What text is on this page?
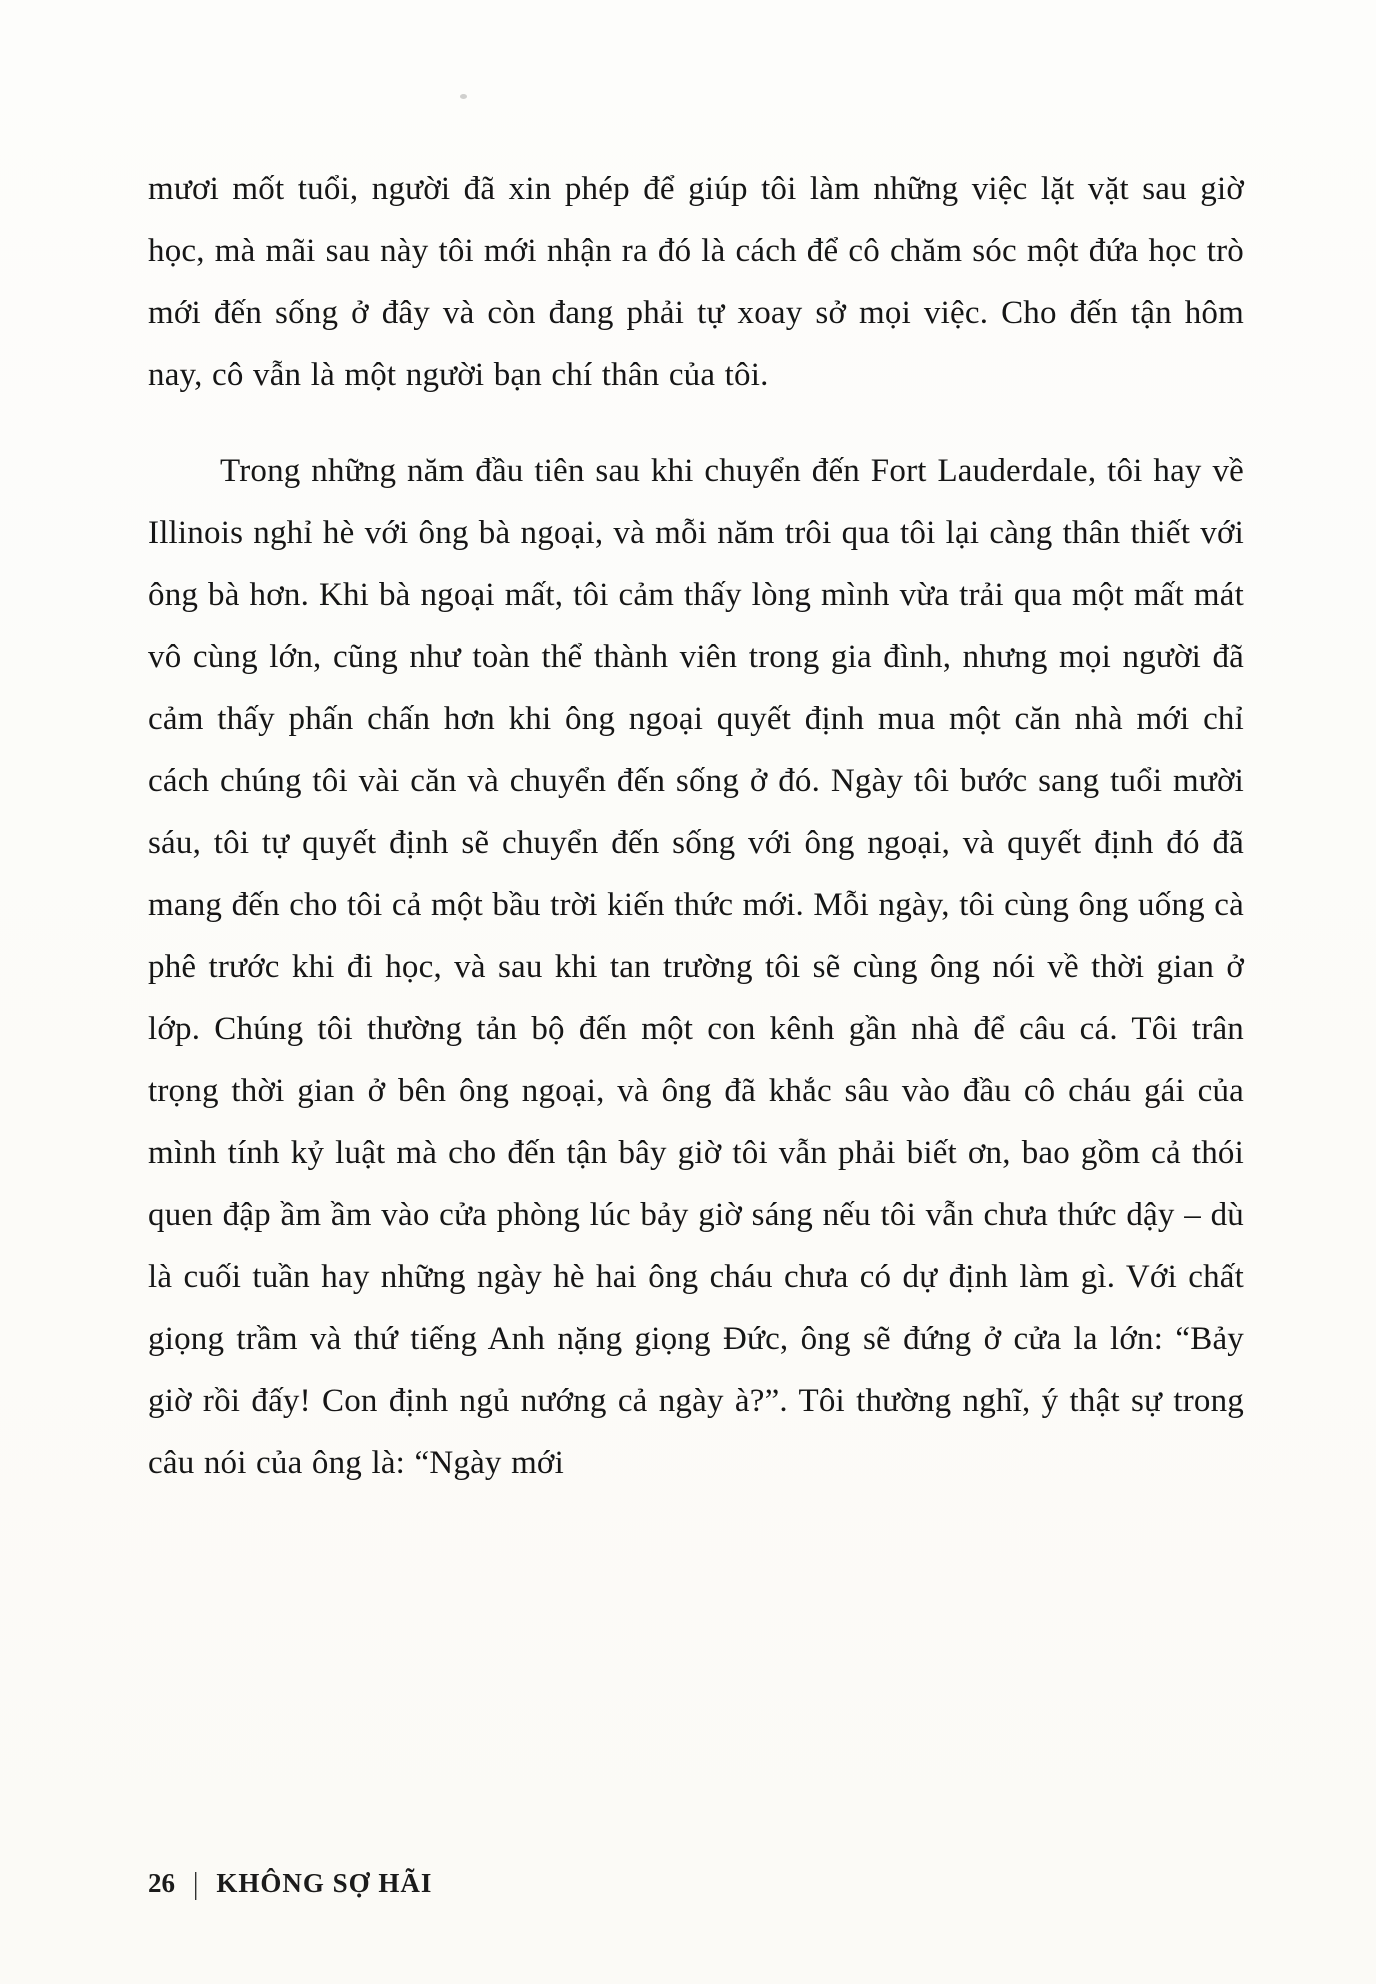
mươi mốt tuổi, người đã xin phép để giúp tôi làm những việc lặt vặt sau giờ học, mà mãi sau này tôi mới nhận ra đó là cách để cô chăm sóc một đứa học trò mới đến sống ở đây và còn đang phải tự xoay sở mọi việc. Cho đến tận hôm nay, cô vẫn là một người bạn chí thân của tôi.

Trong những năm đầu tiên sau khi chuyển đến Fort Lauderdale, tôi hay về Illinois nghỉ hè với ông bà ngoại, và mỗi năm trôi qua tôi lại càng thân thiết với ông bà hơn. Khi bà ngoại mất, tôi cảm thấy lòng mình vừa trải qua một mất mát vô cùng lớn, cũng như toàn thể thành viên trong gia đình, nhưng mọi người đã cảm thấy phấn chấn hơn khi ông ngoại quyết định mua một căn nhà mới chỉ cách chúng tôi vài căn và chuyển đến sống ở đó. Ngày tôi bước sang tuổi mười sáu, tôi tự quyết định sẽ chuyển đến sống với ông ngoại, và quyết định đó đã mang đến cho tôi cả một bầu trời kiến thức mới. Mỗi ngày, tôi cùng ông uống cà phê trước khi đi học, và sau khi tan trường tôi sẽ cùng ông nói về thời gian ở lớp. Chúng tôi thường tản bộ đến một con kênh gần nhà để câu cá. Tôi trân trọng thời gian ở bên ông ngoại, và ông đã khắc sâu vào đầu cô cháu gái của mình tính kỷ luật mà cho đến tận bây giờ tôi vẫn phải biết ơn, bao gồm cả thói quen đập ầm ầm vào cửa phòng lúc bảy giờ sáng nếu tôi vẫn chưa thức dậy – dù là cuối tuần hay những ngày hè hai ông cháu chưa có dự định làm gì. Với chất giọng trầm và thứ tiếng Anh nặng giọng Đức, ông sẽ đứng ở cửa la lớn: “Bảy giờ rồi đấy! Con định ngủ nướng cả ngày à?”. Tôi thường nghĩ, ý thật sự trong câu nói của ông là: “Ngày mới

26 | KHÔNG SỢ HÃI
